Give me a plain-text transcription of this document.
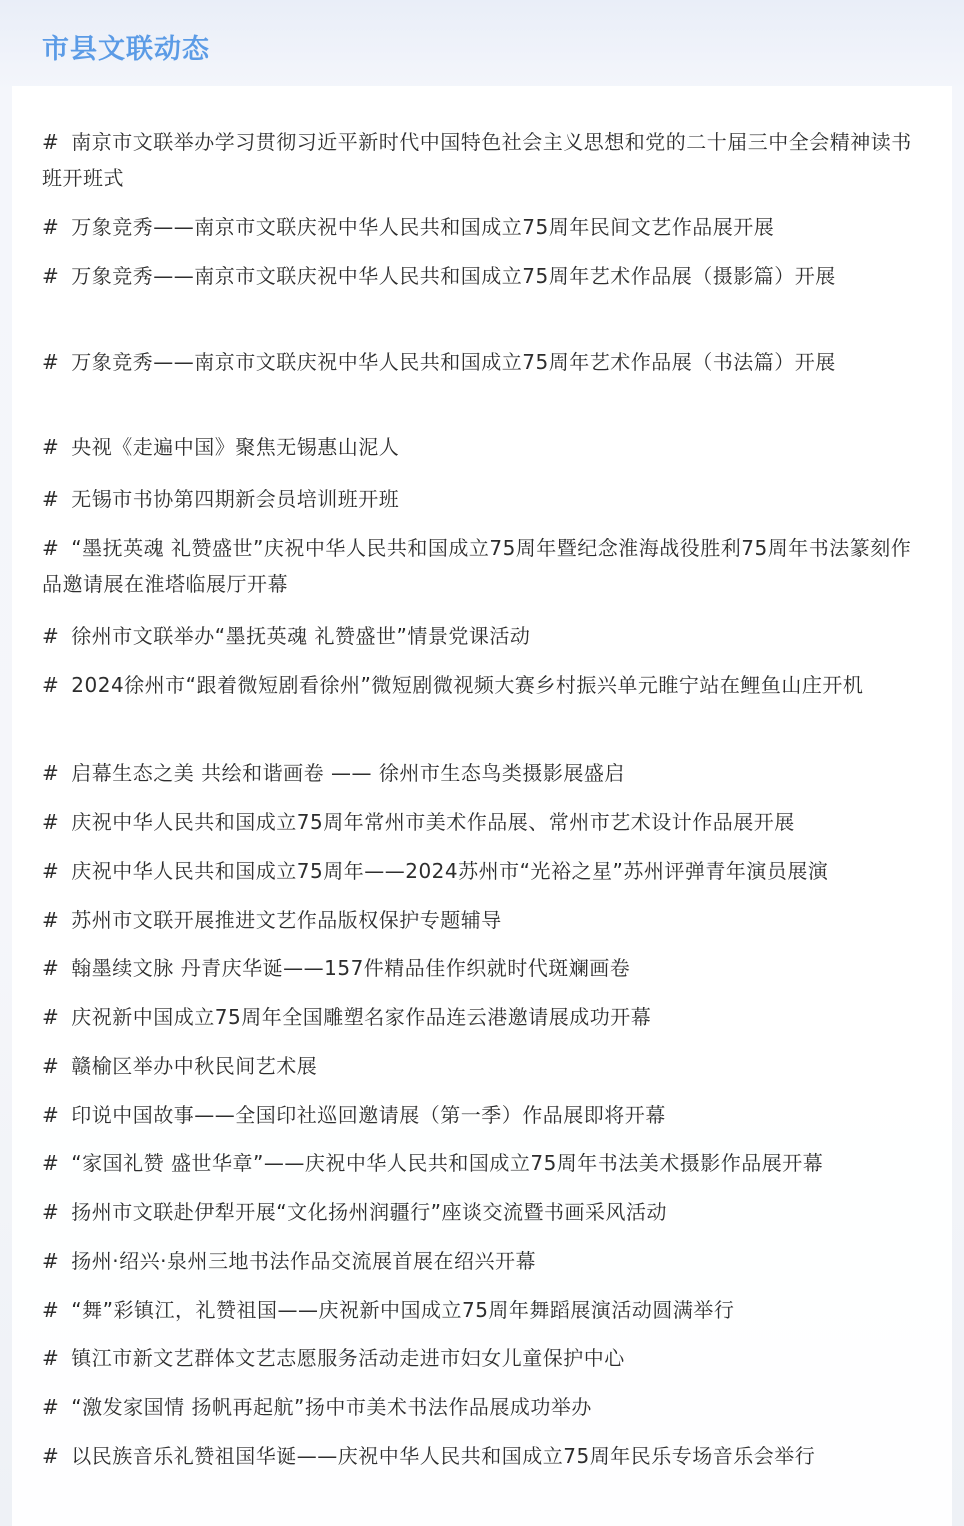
市县文联动态
# 南京市文联举办学习贯彻习近平新时代中国特色社会主义思想和党的二十届三中全会精神读书班开班式
# 万象竞秀——南京市文联庆祝中华人民共和国成立75周年民间文艺作品展开展
# 万象竞秀——南京市文联庆祝中华人民共和国成立75周年艺术作品展（摄影篇）开展
# 万象竞秀——南京市文联庆祝中华人民共和国成立75周年艺术作品展（书法篇）开展
# 央视《走遍中国》聚焦无锡惠山泥人
# 无锡市书协第四期新会员培训班开班
# “墨抚英魂 礼赞盛世”庆祝中华人民共和国成立75周年暨纪念淮海战役胜利75周年书法篆刻作品邀请展在淮塔临展厅开幕
# 徐州市文联举办“墨抚英魂 礼赞盛世”情景党课活动
# 2024徐州市“跟着微短剧看徐州”微短剧微视频大赛乡村振兴单元睢宁站在鲤鱼山庄开机
# 启幕生态之美 共绘和谐画卷 —— 徐州市生态鸟类摄影展盛启
# 庆祝中华人民共和国成立75周年常州市美术作品展、常州市艺术设计作品展开展
# 庆祝中华人民共和国成立75周年——2024苏州市“光裕之星”苏州评弹青年演员展演
# 苏州市文联开展推进文艺作品版权保护专题辅导
# 翰墨续文脉 丹青庆华诞——157件精品佳作织就时代斑斓画卷
# 庆祝新中国成立75周年全国雕塑名家作品连云港邀请展成功开幕
# 赣榆区举办中秋民间艺术展
# 印说中国故事——全国印社巡回邀请展（第一季）作品展即将开幕
# “家国礼赞 盛世华章”——庆祝中华人民共和国成立75周年书法美术摄影作品展开幕
# 扬州市文联赴伊犁开展“文化扬州润疆行”座谈交流暨书画采风活动
# 扬州·绍兴·泉州三地书法作品交流展首展在绍兴开幕
# “舞”彩镇江，礼赞祖国——庆祝新中国成立75周年舞蹈展演活动圆满举行
# 镇江市新文艺群体文艺志愿服务活动走进市妇女儿童保护中心
# “激发家国情 扬帆再起航”扬中市美术书法作品展成功举办
# 以民族音乐礼赞祖国华诞——庆祝中华人民共和国成立75周年民乐专场音乐会举行
